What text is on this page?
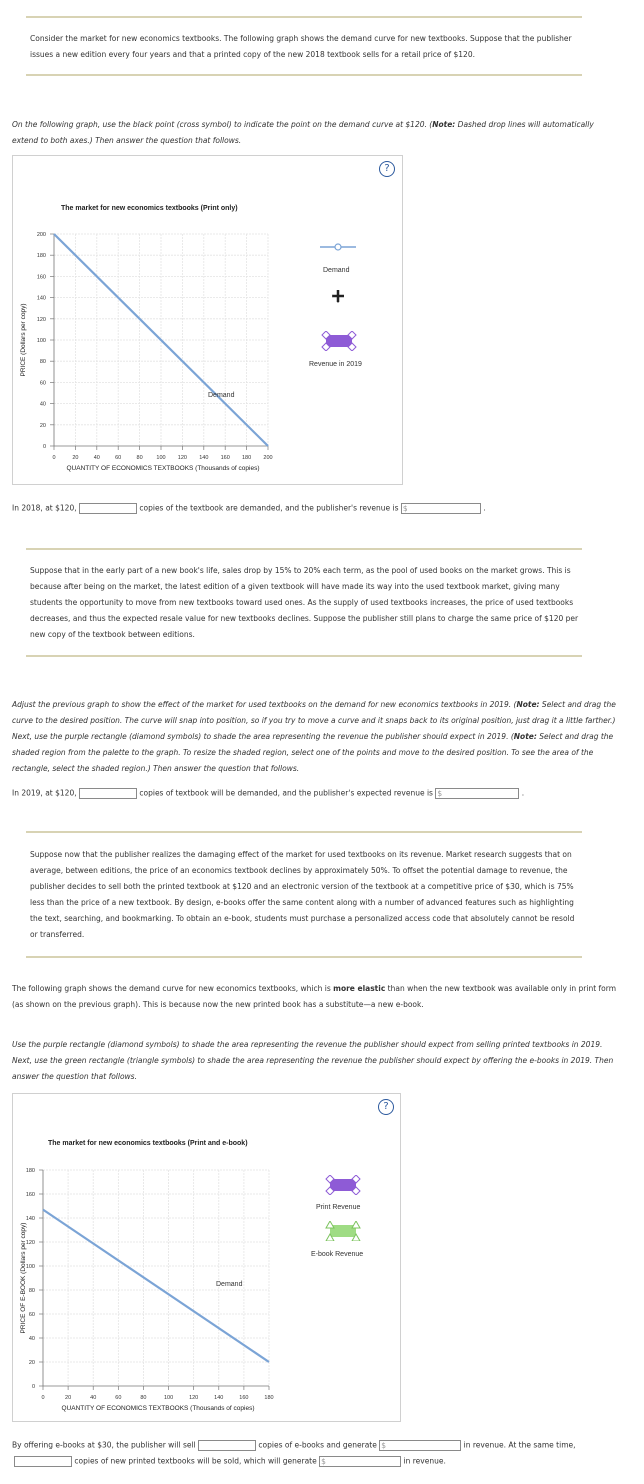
Consider the market for new economics textbooks. The following graph shows the demand curve for new textbooks. Suppose that the publisher issues a new edition every four years and that a printed copy of the new 2018 textbook sells for a retail price of $120.
On the following graph, use the black point (cross symbol) to indicate the point on the demand curve at $120. (Note: Dashed drop lines will automatically extend to both axes.) Then answer the question that follows.
?
The market for new economics textbooks (Print only)
0	20	40	60	80 100 120 140 160 180 200
0
20
40
60
80
100
120
140
160
180
200
Demand
QUANTITY OF ECONOMICS TEXTBOOKS (Thousands of copies)
PRICE (Dollars per copy)
Demand
Revenue in 2019
In 2018, at $120,	copies of the textbook are demanded, and the publisher's revenue is $	.
Suppose that in the early part of a new book's life, sales drop by 15% to 20% each term, as the pool of used books on the market grows. This is because after being on the market, the latest edition of a given textbook will have made its way into the used textbook market, giving many students the opportunity to move from new textbooks toward used ones. As the supply of used textbooks increases, the price of used textbooks decreases, and thus the expected resale value for new textbooks declines. Suppose the publisher still plans to charge the same price of $120 per new copy of the textbook between editions.
Adjust the previous graph to show the effect of the market for used textbooks on the demand for new economics textbooks in 2019. (Note: Select and drag the curve to the desired position. The curve will snap into position, so if you try to move a curve and it snaps back to its original position, just drag it a little farther.) Next, use the purple rectangle (diamond symbols) to shade the area representing the revenue the publisher should expect in 2019. (Note: Select and drag the shaded region from the palette to the graph. To resize the shaded region, select one of the points and move to the desired position. To see the area of the rectangle, select the shaded region.) Then answer the question that follows.
In 2019, at $120,	copies of textbook will be demanded, and the publisher's expected revenue is $	.
Suppose now that the publisher realizes the damaging effect of the market for used textbooks on its revenue. Market research suggests that on average, between editions, the price of an economics textbook declines by approximately 50%. To offset the potential damage to revenue, the publisher decides to sell both the printed textbook at $120 and an electronic version of the textbook at a competitive price of $30, which is 75% less than the price of a new textbook. By design, e-books offer the same content along with a number of advanced features such as highlighting the text, searching, and bookmarking. To obtain an e-book, students must purchase a personalized access code that absolutely cannot be resold or transferred.
The following graph shows the demand curve for new economics textbooks, which is more elastic than when the new textbook was available only in print form (as shown on the previous graph). This is because now the new printed book has a substitute—a new e-book.
Use the purple rectangle (diamond symbols) to shade the area representing the revenue the publisher should expect from selling printed textbooks in 2019. Next, use the green rectangle (triangle symbols) to shade the area representing the revenue the publisher should expect by offering the e-books in 2019. Then answer the question that follows.
?
The market for new economics textbooks (Print and e-book)
0	20	40	60	80	100	120	140	160	180
0
20
40
60
80
100
120
140
160
180
Demand
QUANTITY OF ECONOMICS TEXTBOOKS (Thousands of copies)
PRICE OF E-BOOK (Dollars per copy)
Print Revenue
E-book Revenue
By offering e-books at $30, the publisher will sell	copies of e-books and generate $	in revenue. At the same time,
copies of new printed textbooks will be sold, which will generate $	in revenue.
